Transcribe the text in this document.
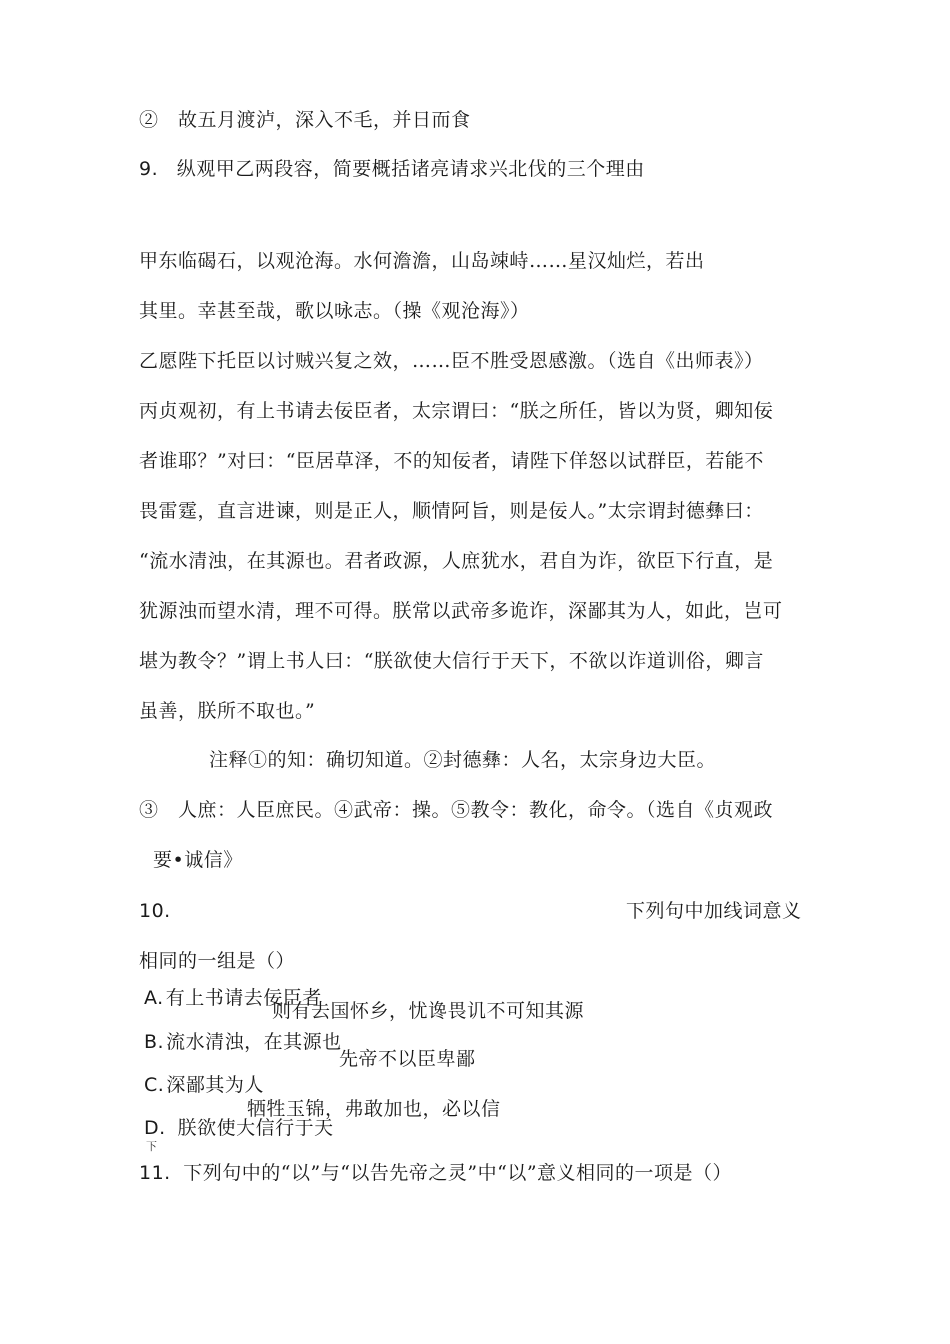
②　故五月渡泸，深入不毛，并日而食
9. 纵观甲乙两段容，简要概括诸亮请求兴北伐的三个理由
甲东临碣石，以观沧海。水何澹澹，山岛竦峙……星汉灿烂，若出
其里。幸甚至哉，歌以咏志。（操《观沧海》）
乙愿陛下托臣以讨贼兴复之效，……臣不胜受恩感激。（选自《出师表》）
丙贞观初，有上书请去佞臣者，太宗谓曰：“朕之所任，皆以为贤，卿知佞
者谁耶？”对曰：“臣居草泽，不的知佞者，请陛下佯怒以试群臣，若能不
畏雷霆，直言进谏，则是正人，顺情阿旨，则是佞人。”太宗谓封德彝曰：
“流水清浊，在其源也。君者政源，人庶犹水，君自为诈，欲臣下行直，是
犹源浊而望水清，理不可得。朕常以武帝多诡诈，深鄙其为人，如此，岂可
堪为教令？”谓上书人曰：“朕欲使大信行于天下，不欲以诈道训俗，卿言
虽善，朕所不取也。”
注释①的知：确切知道。②封德彝：人名，太宗身边大臣。
③　人庶：人臣庶民。④武帝：操。⑤教令：教化，命令。（选自《贞观政
要•诚信》
10.	下列句中加线词意义
相同的一组是（）
A. 有上书请去佞臣者
则有去国怀乡，忧谗畏讥不可知其源
B. 流水清浊，在其源也
先帝不以臣卑鄙
C. 深鄙其为人
牺牲玉锦，弗敢加也，必以信
D. 朕欲使大信行于天
下
11. 下列句中的“以”与“以告先帝之灵”中“以”意义相同的一项是（）
